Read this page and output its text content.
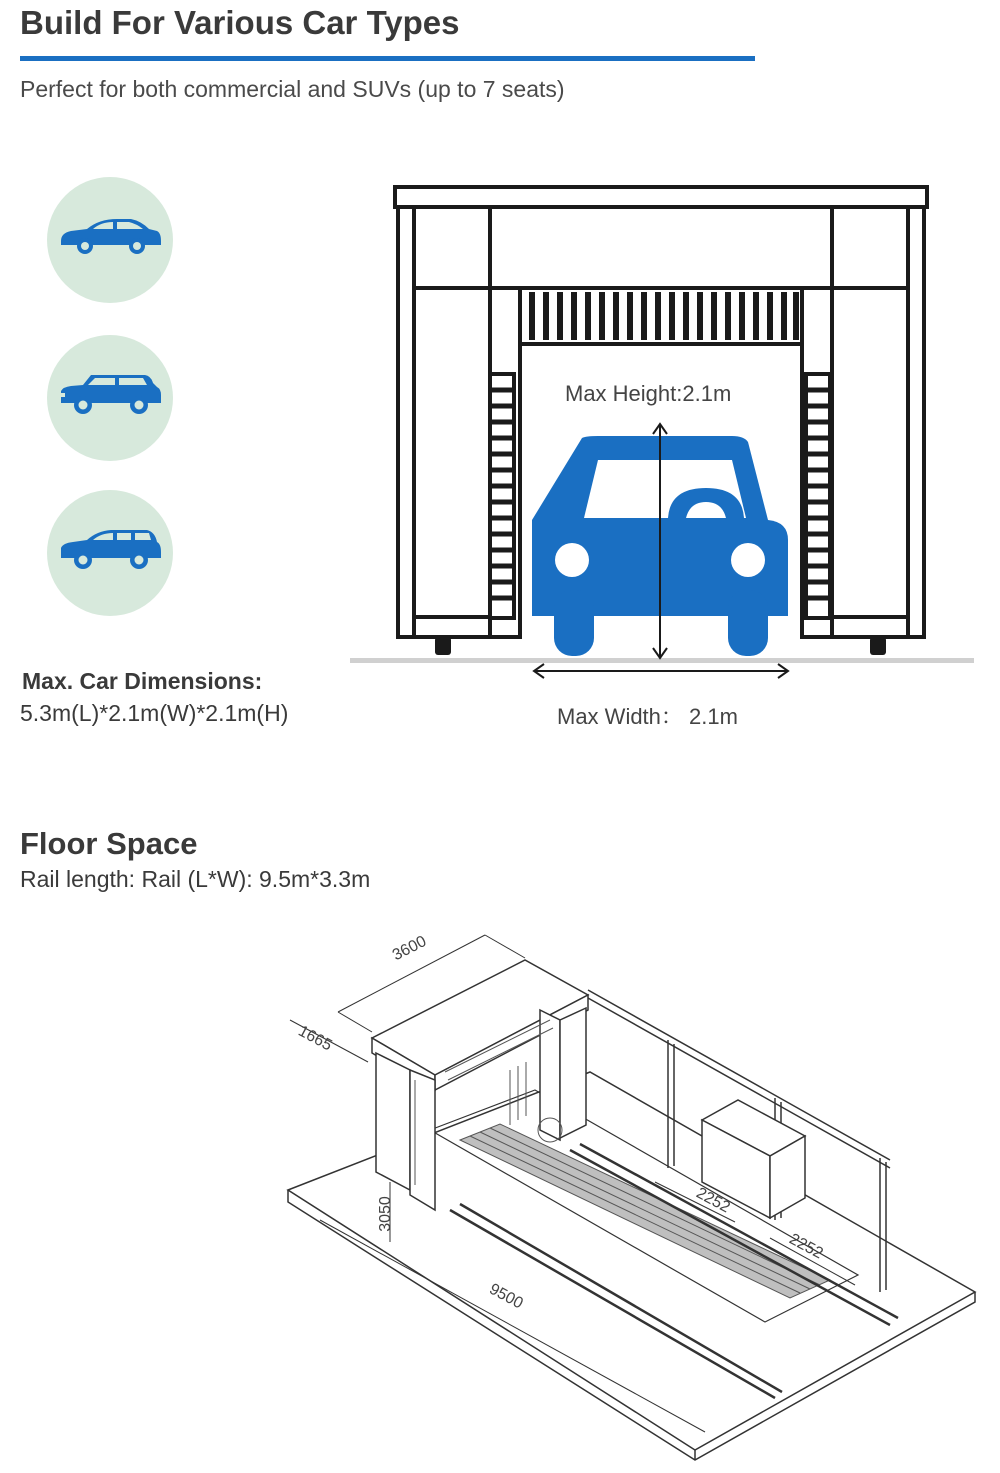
Build For Various Car Types
Perfect for both commercial and SUVs (up to 7 seats)
Max. Car Dimensions:
5.3m(L)*2.1m(W)*2.1m(H)
Max Height:2.1m
Max Width： 2.1m
Floor Space
Rail length: Rail (L*W): 9.5m*3.3m
3600
1665
3050
9500
2252
2252
